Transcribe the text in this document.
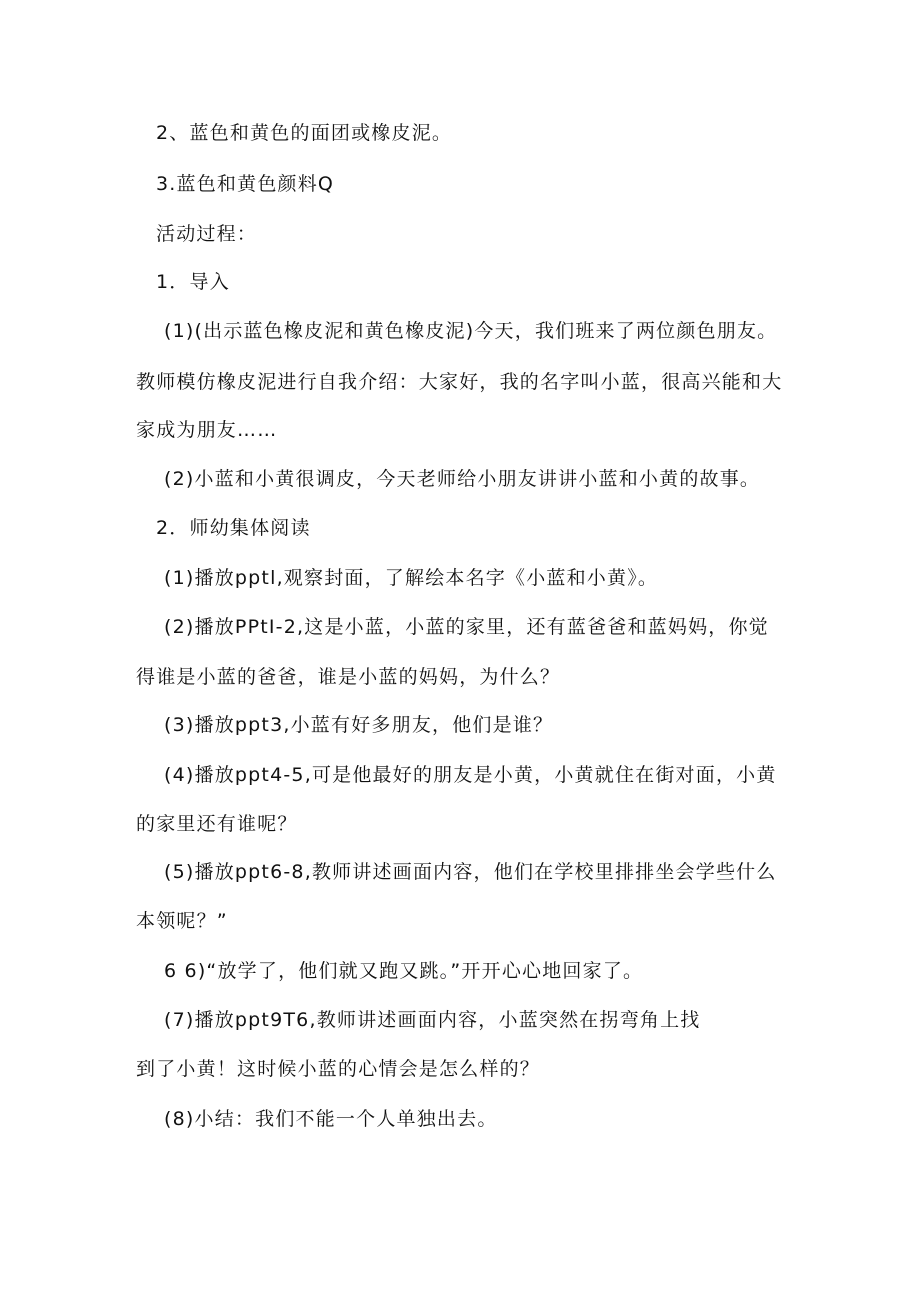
2、蓝色和黄色的面团或橡皮泥。
3.蓝色和黄色颜料Q
活动过程：
1．导入
(1)(出示蓝色橡皮泥和黄色橡皮泥)今天，我们班来了两位颜色朋友。
教师模仿橡皮泥进行自我介绍：大家好，我的名字叫小蓝，很高兴能和大
家成为朋友……
(2)小蓝和小黄很调皮，今天老师给小朋友讲讲小蓝和小黄的故事。
2．师幼集体阅读
(1)播放pptl,观察封面，了解绘本名字《小蓝和小黄》。
(2)播放PPtI-2,这是小蓝，小蓝的家里，还有蓝爸爸和蓝妈妈，你觉
得谁是小蓝的爸爸，谁是小蓝的妈妈，为什么？
(3)播放ppt3,小蓝有好多朋友，他们是谁？
(4)播放ppt4-5,可是他最好的朋友是小黄，小黄就住在街对面，小黄
的家里还有谁呢？
(5)播放ppt6-8,教师讲述画面内容，他们在学校里排排坐会学些什么
本领呢？”
6 6)“放学了，他们就又跑又跳。”开开心心地回家了。
(7)播放ppt9T6,教师讲述画面内容，小蓝突然在拐弯角上找
到了小黄！这时候小蓝的心情会是怎么样的？
(8)小结：我们不能一个人单独出去。
